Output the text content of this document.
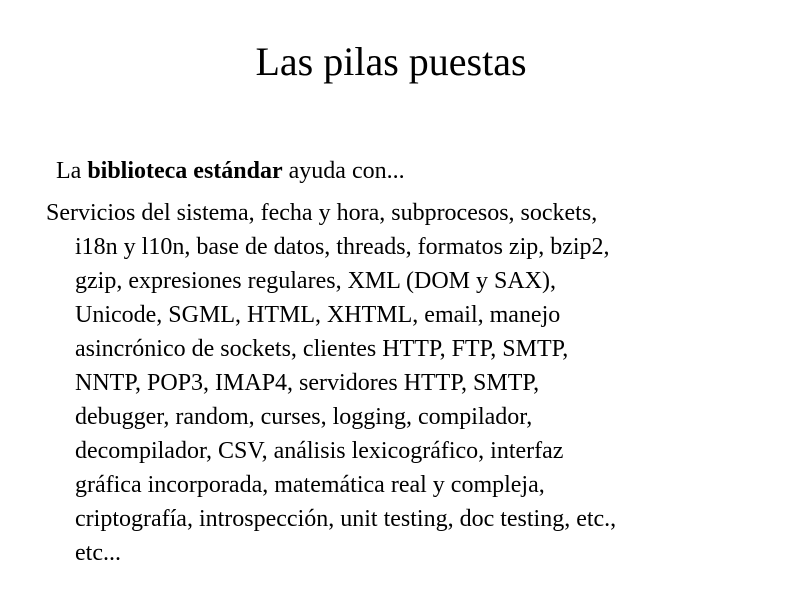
Las pilas puestas

La biblioteca estándar ayuda con...

Servicios del sistema, fecha y hora, subprocesos, sockets,
i18n y l10n, base de datos, threads, formatos zip, bzip2,
gzip, expresiones regulares, XML (DOM y SAX),
Unicode, SGML, HTML, XHTML, email, manejo
asincrónico de sockets, clientes HTTP, FTP, SMTP,
NNTP, POP3, IMAP4, servidores HTTP, SMTP,
debugger, random, curses, logging, compilador,
decompilador, CSV, análisis lexicográfico, interfaz
gráfica incorporada, matemática real y compleja,
criptografía, introspección, unit testing, doc testing, etc.,
etc...
